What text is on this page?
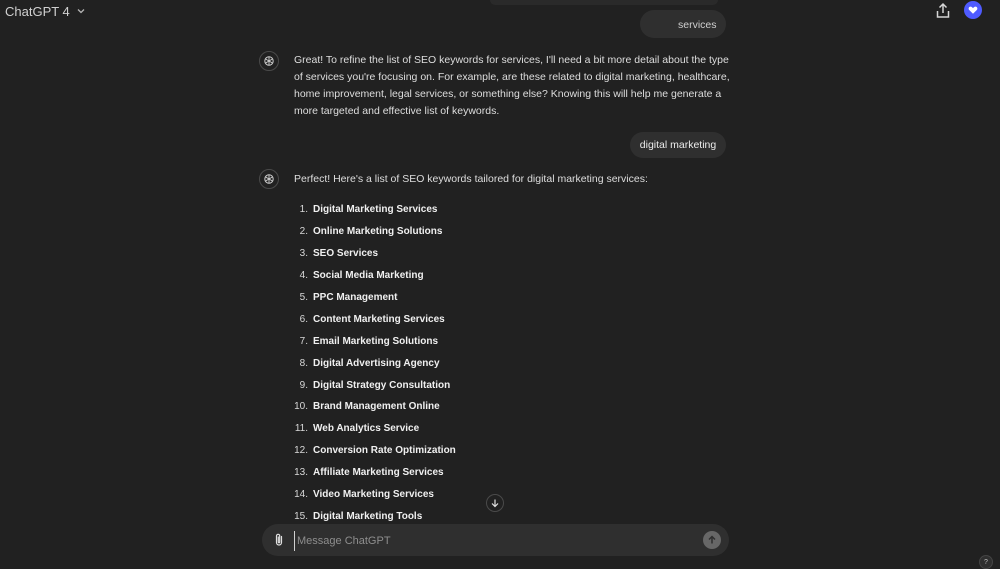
ChatGPT 4
services
Great! To refine the list of SEO keywords for services, I'll need a bit more detail about the type of services you're focusing on. For example, are these related to digital marketing, healthcare, home improvement, legal services, or something else? Knowing this will help me generate a more targeted and effective list of keywords.
digital marketing
Perfect! Here's a list of SEO keywords tailored for digital marketing services:
1. Digital Marketing Services
2. Online Marketing Solutions
3. SEO Services
4. Social Media Marketing
5. PPC Management
6. Content Marketing Services
7. Email Marketing Solutions
8. Digital Advertising Agency
9. Digital Strategy Consultation
10. Brand Management Online
11. Web Analytics Service
12. Conversion Rate Optimization
13. Affiliate Marketing Services
14. Video Marketing Services
15. Digital Marketing Tools
Message ChatGPT
?
